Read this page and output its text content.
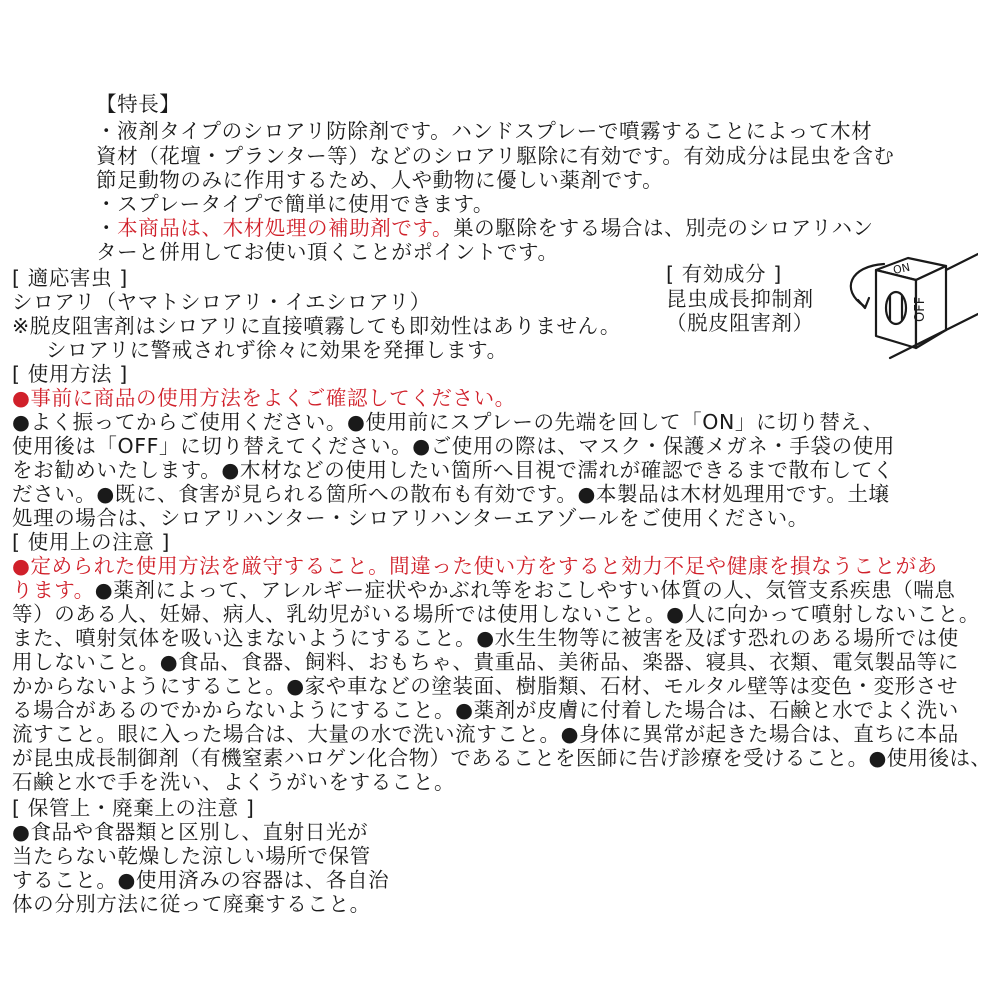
【特長】
・液剤タイプのシロアリ防除剤です。ハンドスプレーで噴霧することによって木材
資材（花壇・プランター等）などのシロアリ駆除に有効です。有効成分は昆虫を含む
節足動物のみに作用するため、人や動物に優しい薬剤です。
・スプレータイプで簡単に使用できます。
・本商品は、木材処理の補助剤です。巣の駆除をする場合は、別売のシロアリハン
ターと併用してお使い頂くことがポイントです。
[ 適応害虫 ]
シロアリ（ヤマトシロアリ・イエシロアリ）
※脱皮阻害剤はシロアリに直接噴霧しても即効性はありません。
シロアリに警戒されず徐々に効果を発揮します。
[ 有効成分 ]
昆虫成長抑制剤
（脱皮阻害剤）
ON
OFF
[ 使用方法 ]
●事前に商品の使用方法をよくご確認してください。
●よく振ってからご使用ください。●使用前にスプレーの先端を回して「ON」に切り替え、
使用後は「OFF」に切り替えてください。●ご使用の際は、マスク・保護メガネ・手袋の使用
をお勧めいたします。●木材などの使用したい箇所へ目視で濡れが確認できるまで散布してく
ださい。●既に、食害が見られる箇所への散布も有効です。●本製品は木材処理用です。土壌
処理の場合は、シロアリハンター・シロアリハンターエアゾールをご使用ください。
[ 使用上の注意 ]
●定められた使用方法を厳守すること。間違った使い方をすると効力不足や健康を損なうことがあ
ります。●薬剤によって、アレルギー症状やかぶれ等をおこしやすい体質の人、気管支系疾患（喘息
等）のある人、妊婦、病人、乳幼児がいる場所では使用しないこと。●人に向かって噴射しないこと。
また、噴射気体を吸い込まないようにすること。●水生生物等に被害を及ぼす恐れのある場所では使
用しないこと。●食品、食器、飼料、おもちゃ、貴重品、美術品、楽器、寝具、衣類、電気製品等に
かからないようにすること。●家や車などの塗装面、樹脂類、石材、モルタル壁等は変色・変形させ
る場合があるのでかからないようにすること。●薬剤が皮膚に付着した場合は、石鹸と水でよく洗い
流すこと。眼に入った場合は、大量の水で洗い流すこと。●身体に異常が起きた場合は、直ちに本品
が昆虫成長制御剤（有機窒素ハロゲン化合物）であることを医師に告げ診療を受けること。●使用後は、
石鹸と水で手を洗い、よくうがいをすること。
[ 保管上・廃棄上の注意 ]
●食品や食器類と区別し、直射日光が
当たらない乾燥した涼しい場所で保管
すること。●使用済みの容器は、各自治
体の分別方法に従って廃棄すること。
